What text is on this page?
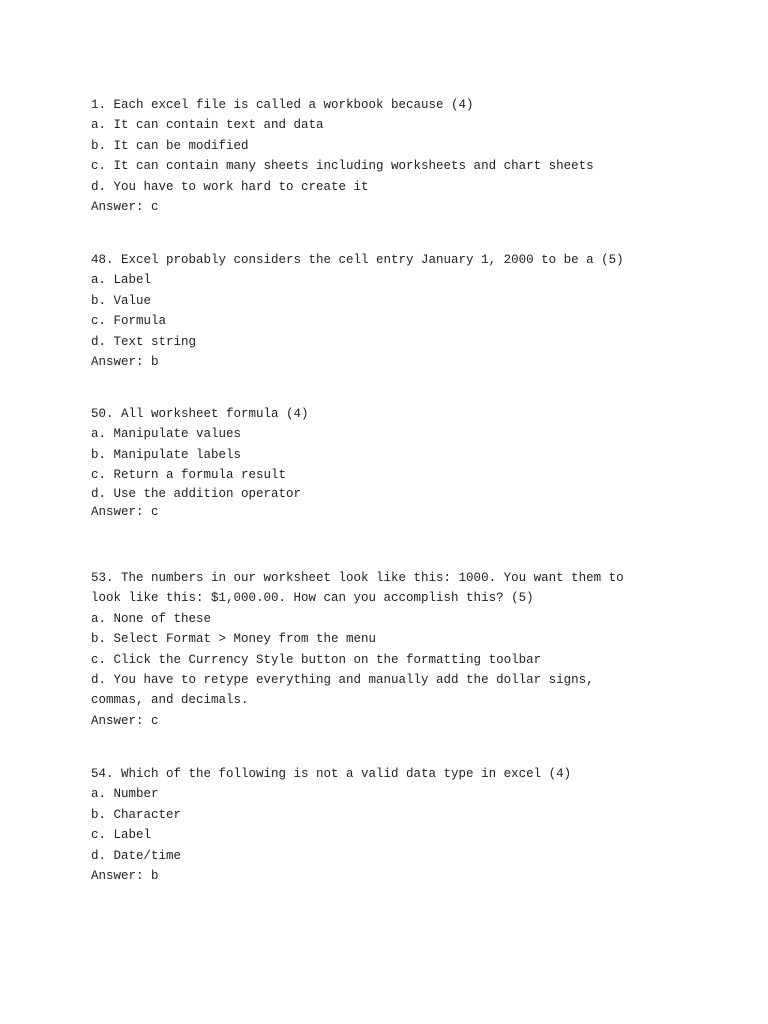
1. Each excel file is called a workbook because (4)
a. It can contain text and data
b. It can be modified
c. It can contain many sheets including worksheets and chart sheets
d. You have to work hard to create it
Answer: c
48. Excel probably considers the cell entry January 1, 2000 to be a (5)
a. Label
b. Value
c. Formula
d. Text string
Answer: b
50. All worksheet formula (4)
a. Manipulate values
b. Manipulate labels
c. Return a formula result
d. Use the addition operator
Answer: c
53. The numbers in our worksheet look like this: 1000. You want them to
look like this: $1,000.00. How can you accomplish this? (5)
a. None of these
b. Select Format > Money from the menu
c. Click the Currency Style button on the formatting toolbar
d. You have to retype everything and manually add the dollar signs,
commas, and decimals.
Answer: c
54. Which of the following is not a valid data type in excel (4)
a. Number
b. Character
c. Label
d. Date/time
Answer: b
